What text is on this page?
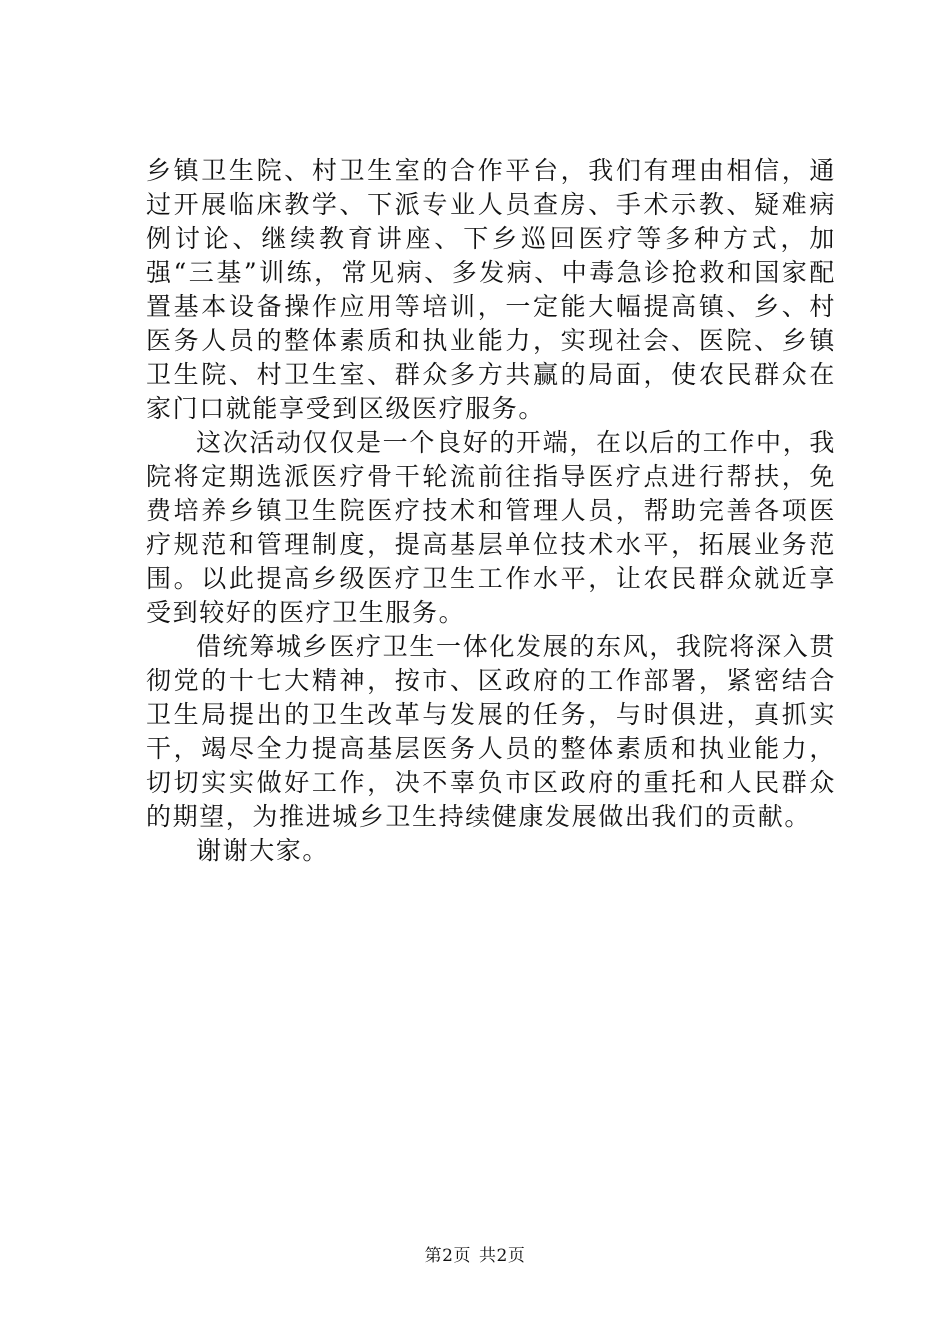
乡镇卫生院、村卫生室的合作平台，我们有理由相信，通过开展临床教学、下派专业人员查房、手术示教、疑难病例讨论、继续教育讲座、下乡巡回医疗等多种方式，加强“三基”训练，常见病、多发病、中毒急诊抢救和国家配置基本设备操作应用等培训，一定能大幅提高镇、乡、村医务人员的整体素质和执业能力，实现社会、医院、乡镇卫生院、村卫生室、群众多方共赢的局面，使农民群众在家门口就能享受到区级医疗服务。

这次活动仅仅是一个良好的开端，在以后的工作中，我院将定期选派医疗骨干轮流前往指导医疗点进行帮扶，免费培养乡镇卫生院医疗技术和管理人员，帮助完善各项医疗规范和管理制度，提高基层单位技术水平，拓展业务范围。以此提高乡级医疗卫生工作水平，让农民群众就近享受到较好的医疗卫生服务。

借统筹城乡医疗卫生一体化发展的东风，我院将深入贯彻党的十七大精神，按市、区政府的工作部署，紧密结合卫生局提出的卫生改革与发展的任务，与时俱进，真抓实干，竭尽全力提高基层医务人员的整体素质和执业能力，切切实实做好工作，决不辜负市区政府的重托和人民群众的期望，为推进城乡卫生持续健康发展做出我们的贡献。

谢谢大家。

第2页 共2页
